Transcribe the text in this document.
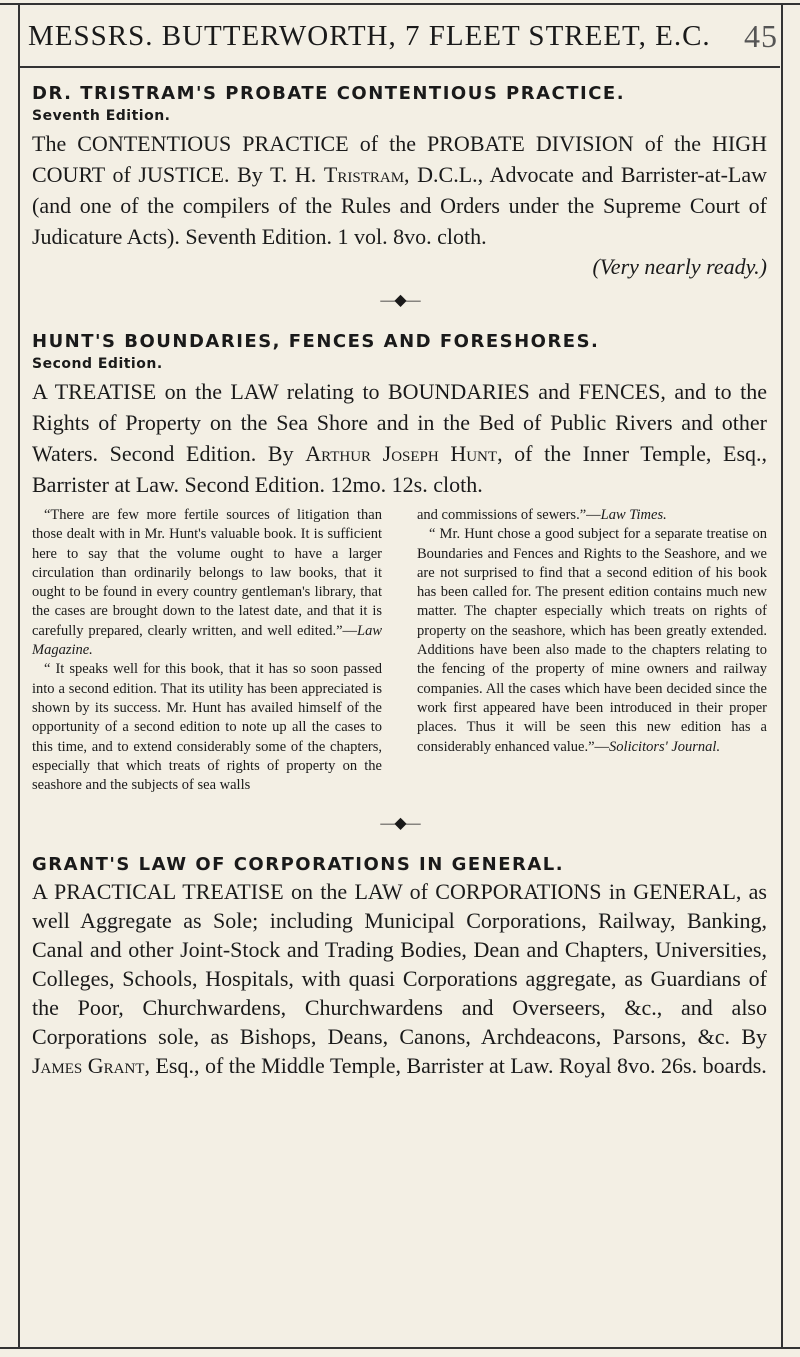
MESSRS. BUTTERWORTH, 7 FLEET STREET, E.C. 45
DR. TRISTRAM'S PROBATE CONTENTIOUS PRACTICE.
Seventh Edition.

The CONTENTIOUS PRACTICE of the PROBATE DIVISION of the HIGH COURT of JUSTICE. By T. H. Tristram, D.C.L., Advocate and Barrister-at-Law (and one of the compilers of the Rules and Orders under the Supreme Court of Judicature Acts). Seventh Edition. 1 vol. 8vo. cloth.

(Very nearly ready.)
—◆—
HUNT'S BOUNDARIES, FENCES AND FORESHORES.
Second Edition.

A TREATISE on the LAW relating to BOUNDARIES and FENCES, and to the Rights of Property on the Sea Shore and in the Bed of Public Rivers and other Waters. Second Edition. By Arthur Joseph Hunt, of the Inner Temple, Esq., Barrister at Law. Second Edition. 12mo. 12s. cloth.

“There are few more fertile sources of litigation than those dealt with in Mr. Hunt's valuable book. It is sufficient here to say that the volume ought to have a larger circulation than ordinarily belongs to law books, that it ought to be found in every country gentleman's library, that the cases are brought down to the latest date, and that it is carefully prepared, clearly written, and well edited.”—Law Magazine.

“ It speaks well for this book, that it has so soon passed into a second edition. That its utility has been appreciated is shown by its success. Mr. Hunt has availed himself of the opportunity of a second edition to note up all the cases to this time, and to extend considerably some of the chapters, especially that which treats of rights of property on the seashore and the subjects of sea walls

and commissions of sewers.”—Law Times.

“ Mr. Hunt chose a good subject for a separate treatise on Boundaries and Fences and Rights to the Seashore, and we are not surprised to find that a second edition of his book has been called for. The present edition contains much new matter. The chapter especially which treats on rights of property on the seashore, which has been greatly extended. Additions have been also made to the chapters relating to the fencing of the property of mine owners and railway companies. All the cases which have been decided since the work first appeared have been introduced in their proper places. Thus it will be seen this new edition has a considerably enhanced value.”—Solicitors' Journal.

—◆—
GRANT'S LAW OF CORPORATIONS IN GENERAL.

A PRACTICAL TREATISE on the LAW of CORPORATIONS in GENERAL, as well Aggregate as Sole; including Municipal Corporations, Railway, Banking, Canal and other Joint-Stock and Trading Bodies, Dean and Chapters, Universities, Colleges, Schools, Hospitals, with quasi Corporations aggregate, as Guardians of the Poor, Churchwardens, Churchwardens and Overseers, &c., and also Corporations sole, as Bishops, Deans, Canons, Archdeacons, Parsons, &c. By James Grant, Esq., of the Middle Temple, Barrister at Law. Royal 8vo. 26s. boards.
